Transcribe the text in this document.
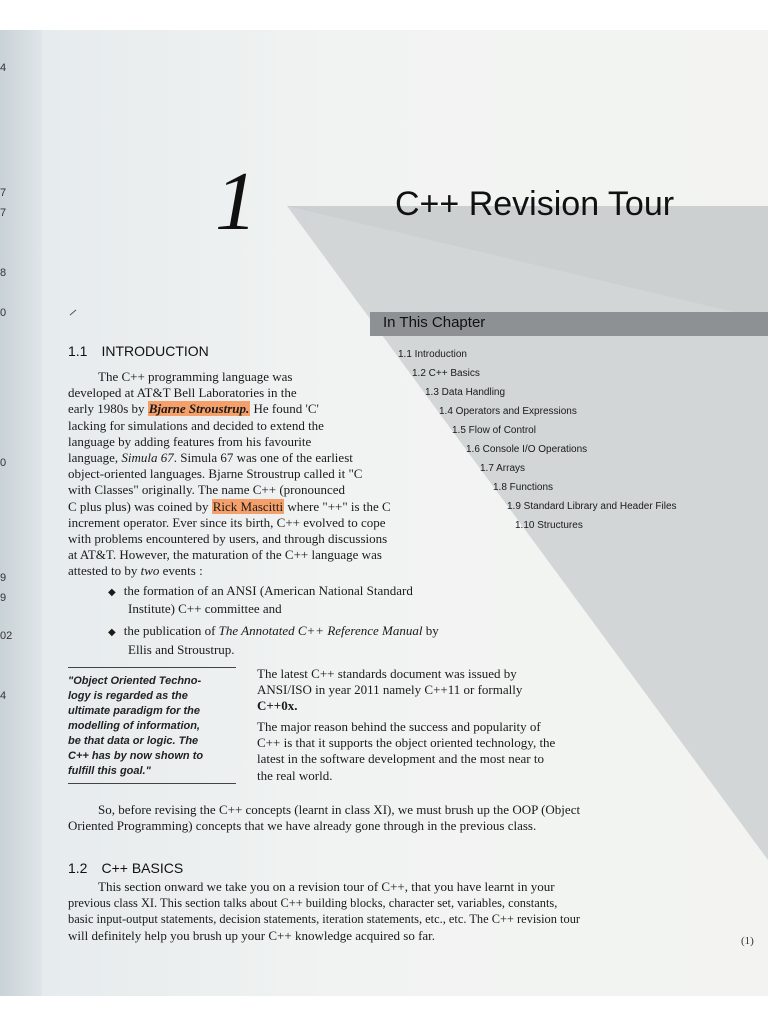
4
7
7
8
0
0
9
9
02
4
1	C++ Revision Tour
In This Chapter
1.1 Introduction
1.2 C++ Basics
1.3 Data Handling
1.4 Operators and Expressions
1.5 Flow of Control
1.6 Console I/O Operations
1.7 Arrays
1.8 Functions
1.9 Standard Library and Header Files
1.10 Structures
1.1 INTRODUCTION
The C++ programming language was
developed at AT&T Bell Laboratories in the
early 1980s by Bjarne Stroustrup. He found 'C'
lacking for simulations and decided to extend the
language by adding features from his favourite
language, Simula 67. Simula 67 was one of the earliest
object-oriented languages. Bjarne Stroustrup called it "C
with Classes" originally. The name C++ (pronounced
C plus plus) was coined by Rick Mascitti where "++" is the C
increment operator. Ever since its birth, C++ evolved to cope
with problems encountered by users, and through discussions
at AT&T. However, the maturation of the C++ language was
attested to by two events :
◆ the formation of an ANSI (American National Standard
Institute) C++ committee and
◆ the publication of The Annotated C++ Reference Manual by
Ellis and Stroustrup.
"Object Oriented Techno-
logy is regarded as the
ultimate paradigm for the
modelling of information,
be that data or logic. The
C++ has by now shown to
fulfill this goal."
The latest C++ standards document was issued by
ANSI/ISO in year 2011 namely C++11 or formally
C++0x.
The major reason behind the success and popularity of
C++ is that it supports the object oriented technology, the
latest in the software development and the most near to
the real world.
So, before revising the C++ concepts (learnt in class XI), we must brush up the OOP (Object
Oriented Programming) concepts that we have already gone through in the previous class.
1.2 C++ BASICS
This section onward we take you on a revision tour of C++, that you have learnt in your
previous class XI. This section talks about C++ building blocks, character set, variables, constants,
basic input-output statements, decision statements, iteration statements, etc., etc. The C++ revision tour
will definitely help you brush up your C++ knowledge acquired so far.	(1)
